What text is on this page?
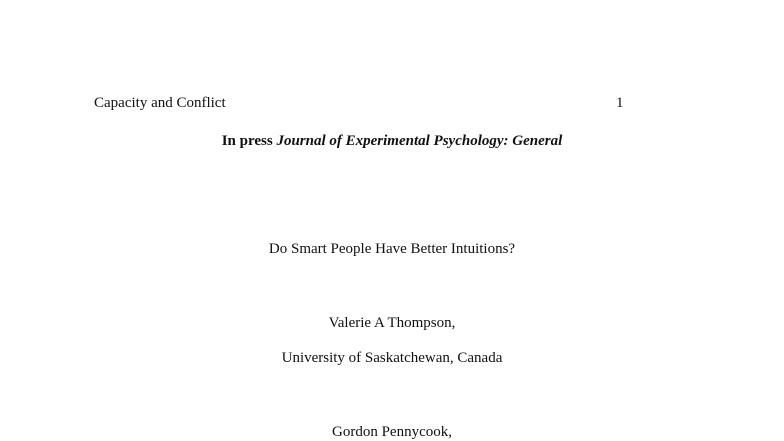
Capacity and Conflict	1
In press Journal of Experimental Psychology: General
Do Smart People Have Better Intuitions?
Valerie A Thompson,
University of Saskatchewan, Canada
Gordon Pennycook,
